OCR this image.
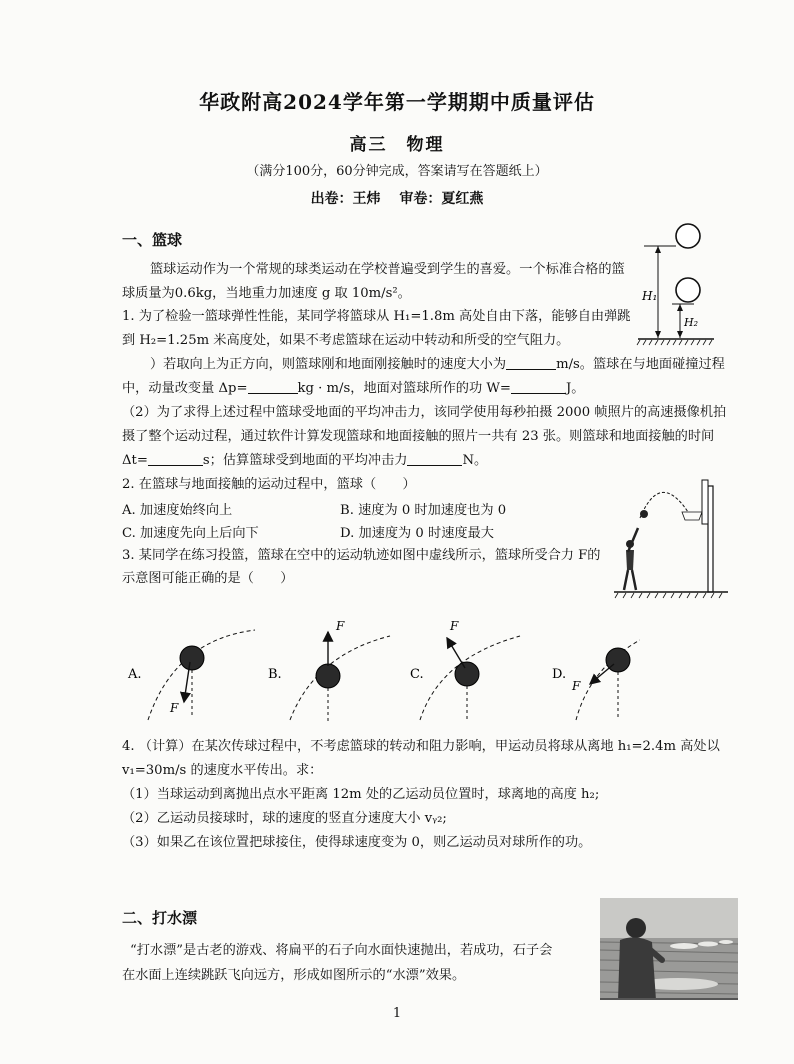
华政附高2024学年第一学期期中质量评估
高三　物理
（满分100分，60分钟完成，答案请写在答题纸上）
出卷：王炜　 审卷：夏红燕
一、篮球
篮球运动作为一个常规的球类运动在学校普遍受到学生的喜爱。一个标准合格的篮
球质量为0.6kg，当地重力加速度 g 取 10m/s²。
1. 为了检验一篮球弹性性能，某同学将篮球从 H₁=1.8m 高处自由下落，能够自由弹跳
到 H₂=1.25m 米高度处，如果不考虑篮球在运动中转动和所受的空气阻力。
）若取向上为正方向，则篮球刚和地面刚接触时的速度大小为	m/s。篮球在与地面碰撞过程
中，动量改变量 Δp=	kg · m/s，地面对篮球所作的功 W=	J。
（2）为了求得上述过程中篮球受地面的平均冲击力，该同学使用每秒拍摄 2000 帧照片的高速摄像机拍
摄了整个运动过程，通过软件计算发现篮球和地面接触的照片一共有 23 张。则篮球和地面接触的时间
Δt=	s；估算篮球受到地面的平均冲击力	N。
2. 在篮球与地面接触的运动过程中，篮球（　　）
A. 加速度始终向上	B. 速度为 0 时加速度也为 0
C. 加速度先向上后向下	D. 加速度为 0 时速度最大
3. 某同学在练习投篮，篮球在空中的运动轨迹如图中虚线所示，篮球所受合力 F的
示意图可能正确的是（　　）
H₁
H₂
F
A.
F
B.
F
C.
F
D.
4. （计算）在某次传球过程中，不考虑篮球的转动和阻力影响，甲运动员将球从离地 h₁=2.4m 高处以
v₁=30m/s 的速度水平传出。求：
（1）当球运动到离抛出点水平距离 12m 处的乙运动员位置时，球离地的高度 h₂;
（2）乙运动员接球时，球的速度的竖直分速度大小 vᵧ₂;
（3）如果乙在该位置把球接住，使得球速度变为 0，则乙运动员对球所作的功。
二、打水漂
“打水漂”是古老的游戏、将扁平的石子向水面快速抛出，若成功，石子会
在水面上连续跳跃飞向远方，形成如图所示的“水漂”效果。
1
